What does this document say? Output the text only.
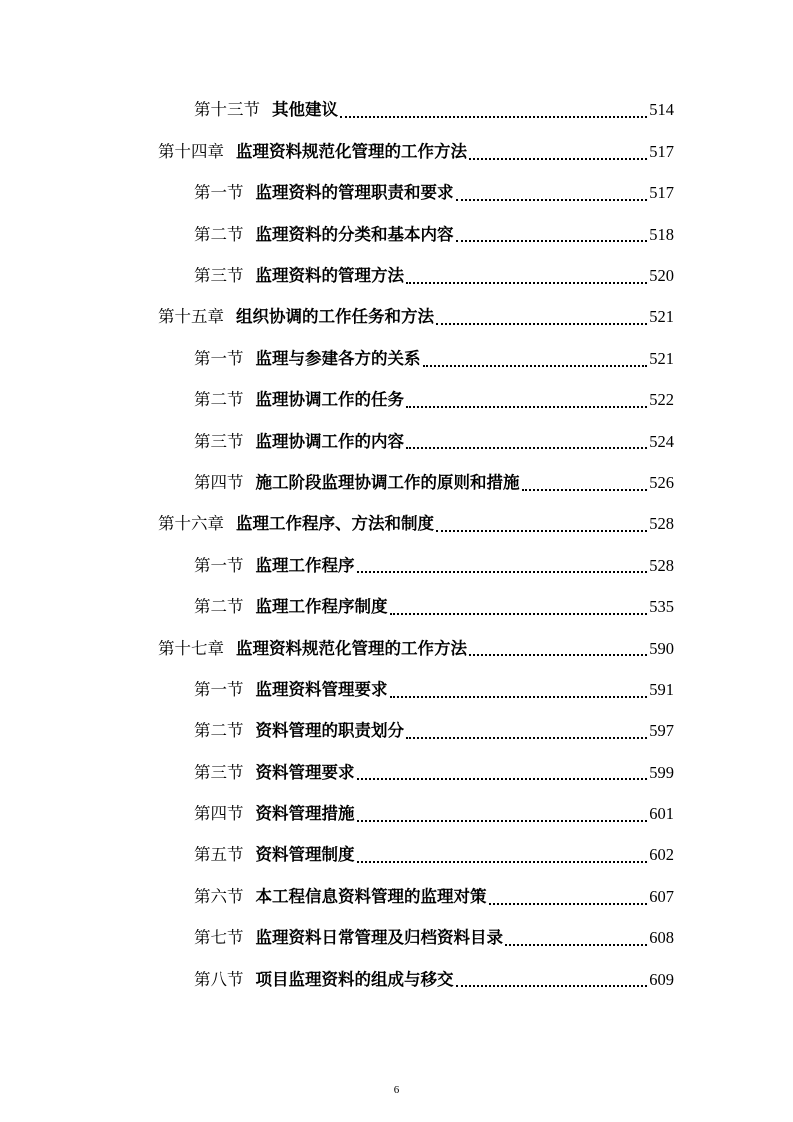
第十三节 其他建议	514
第十四章 监理资料规范化管理的工作方法	517
第一节 监理资料的管理职责和要求	517
第二节 监理资料的分类和基本内容	518
第三节 监理资料的管理方法	520
第十五章 组织协调的工作任务和方法	521
第一节 监理与参建各方的关系	521
第二节 监理协调工作的任务	522
第三节 监理协调工作的内容	524
第四节 施工阶段监理协调工作的原则和措施	526
第十六章 监理工作程序、方法和制度	528
第一节 监理工作程序	528
第二节 监理工作程序制度	535
第十七章 监理资料规范化管理的工作方法	590
第一节 监理资料管理要求	591
第二节 资料管理的职责划分	597
第三节 资料管理要求	599
第四节 资料管理措施	601
第五节 资料管理制度	602
第六节 本工程信息资料管理的监理对策	607
第七节 监理资料日常管理及归档资料目录	608
第八节 项目监理资料的组成与移交	609
6
